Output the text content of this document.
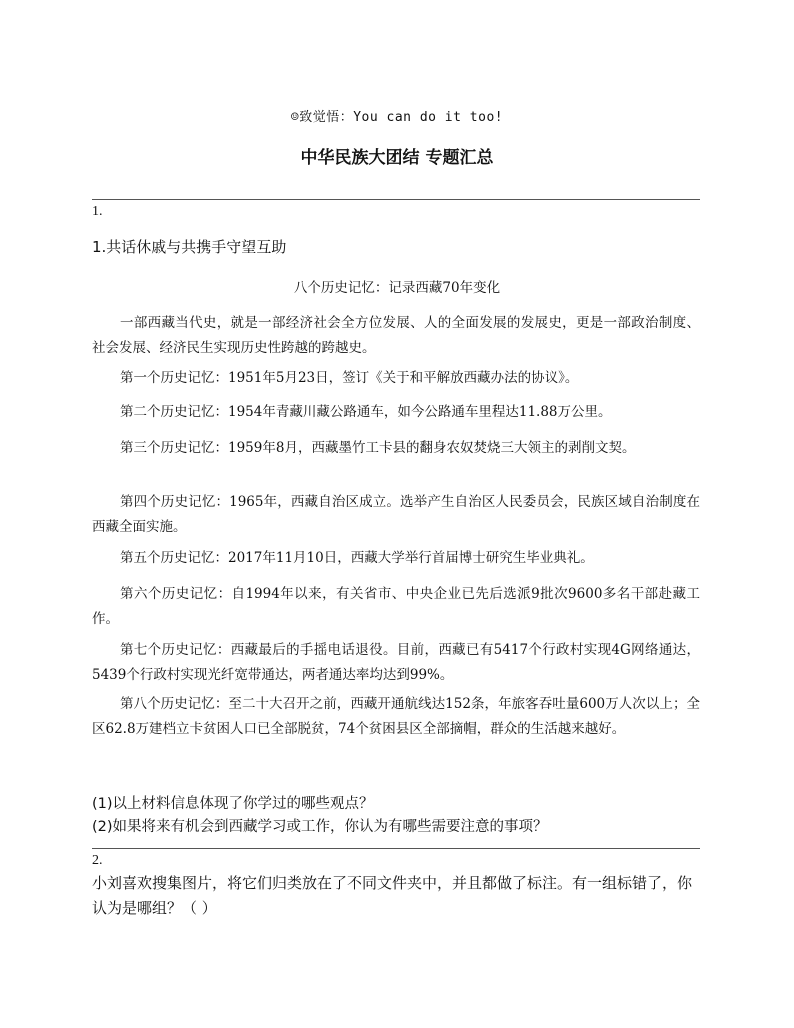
☺致觉悟：You can do it too!
中华民族大团结 专题汇总
1.
1.共话休戚与共携手守望互助
八个历史记忆：记录西藏70年变化

一部西藏当代史，就是一部经济社会全方位发展、人的全面发展的发展史，更是一部政治制度、社会发展、经济民生实现历史性跨越的跨越史。

第一个历史记忆：1951年5月23日，签订《关于和平解放西藏办法的协议》。

第二个历史记忆：1954年青藏川藏公路通车，如今公路通车里程达11.88万公里。

第三个历史记忆：1959年8月，西藏墨竹工卡县的翻身农奴焚烧三大领主的剥削文契。

第四个历史记忆：1965年，西藏自治区成立。选举产生自治区人民委员会，民族区域自治制度在西藏全面实施。

第五个历史记忆：2017年11月10日，西藏大学举行首届博士研究生毕业典礼。

第六个历史记忆：自1994年以来，有关省市、中央企业已先后选派9批次9600多名干部赴藏工作。

第七个历史记忆：西藏最后的手摇电话退役。目前，西藏已有5417个行政村实现4G网络通达，5439个行政村实现光纤宽带通达，两者通达率均达到99%。

第八个历史记忆：至二十大召开之前，西藏开通航线达152条，年旅客吞吐量600万人次以上；全区62.8万建档立卡贫困人口已全部脱贫，74个贫困县区全部摘帽，群众的生活越来越好。

(1)以上材料信息体现了你学过的哪些观点？
(2)如果将来有机会到西藏学习或工作，你认为有哪些需要注意的事项？
2.

小刘喜欢搜集图片，将它们归类放在了不同文件夹中，并且都做了标注。有一组标错了，你认为是哪组？（ ）
